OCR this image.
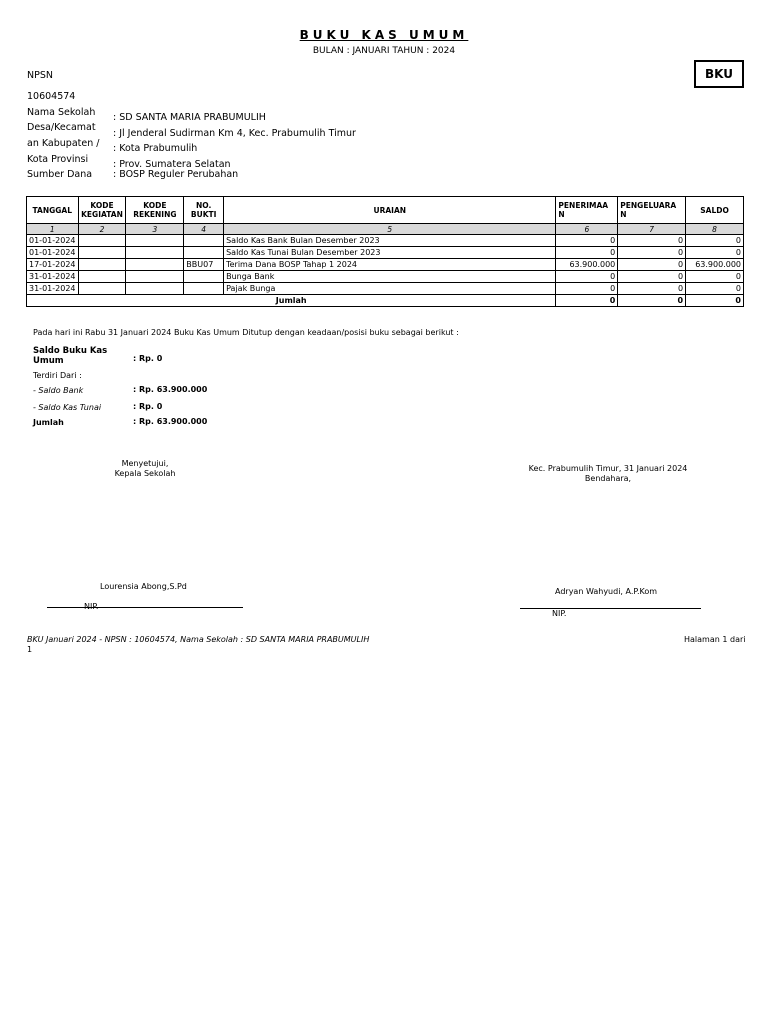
BUKU KAS UMUM
BULAN : JANUARI TAHUN : 2024
BKU
NPSN
10604574
Nama Sekolah : SD SANTA MARIA PRABUMULIH
Desa/Kecamat
: Jl Jenderal Sudirman Km 4, Kec. Prabumulih Timur
an Kabupaten / : Kota Prabumulih
Kota Provinsi	: Prov. Sumatera Selatan
Sumber Dana : BOSP Reguler Perubahan
TANGGAL	KODE KEGIATAN	KODE REKENING	NO. BUKTI	URAIAN	PENERIMAA N	PENGELUARA N	SALDO
1	2	3	4	5	6	7	8
01-01-2024				Saldo Kas Bank Bulan Desember 2023	0	0	0
01-01-2024				Saldo Kas Tunai Bulan Desember 2023	0	0	0
17-01-2024			BBU07	Terima Dana BOSP Tahap 1 2024	63.900.000	0	63.900.000
31-01-2024				Bunga Bank	0	0	0
31-01-2024				Pajak Bunga	0	0	0
Jumlah					0	0	0
Pada hari ini Rabu 31 Januari 2024 Buku Kas Umum Ditutup dengan keadaan/posisi buku sebagai berikut :
Saldo Buku Kas
Umum	: Rp. 0
Terdiri Dari :
- Saldo Bank	: Rp. 63.900.000
- Saldo Kas Tunai	: Rp. 0
Jumlah	: Rp. 63.900.000
Menyetujui,
Kepala Sekolah
Lourensia Abong,S.Pd
NIP.
Kec. Prabumulih Timur, 31 Januari 2024
Bendahara,
Adryan Wahyudi, A.P.Kom
NIP.
BKU Januari 2024 - NPSN : 10604574, Nama Sekolah : SD SANTA MARIA PRABUMULIH
1
Halaman 1 dari
